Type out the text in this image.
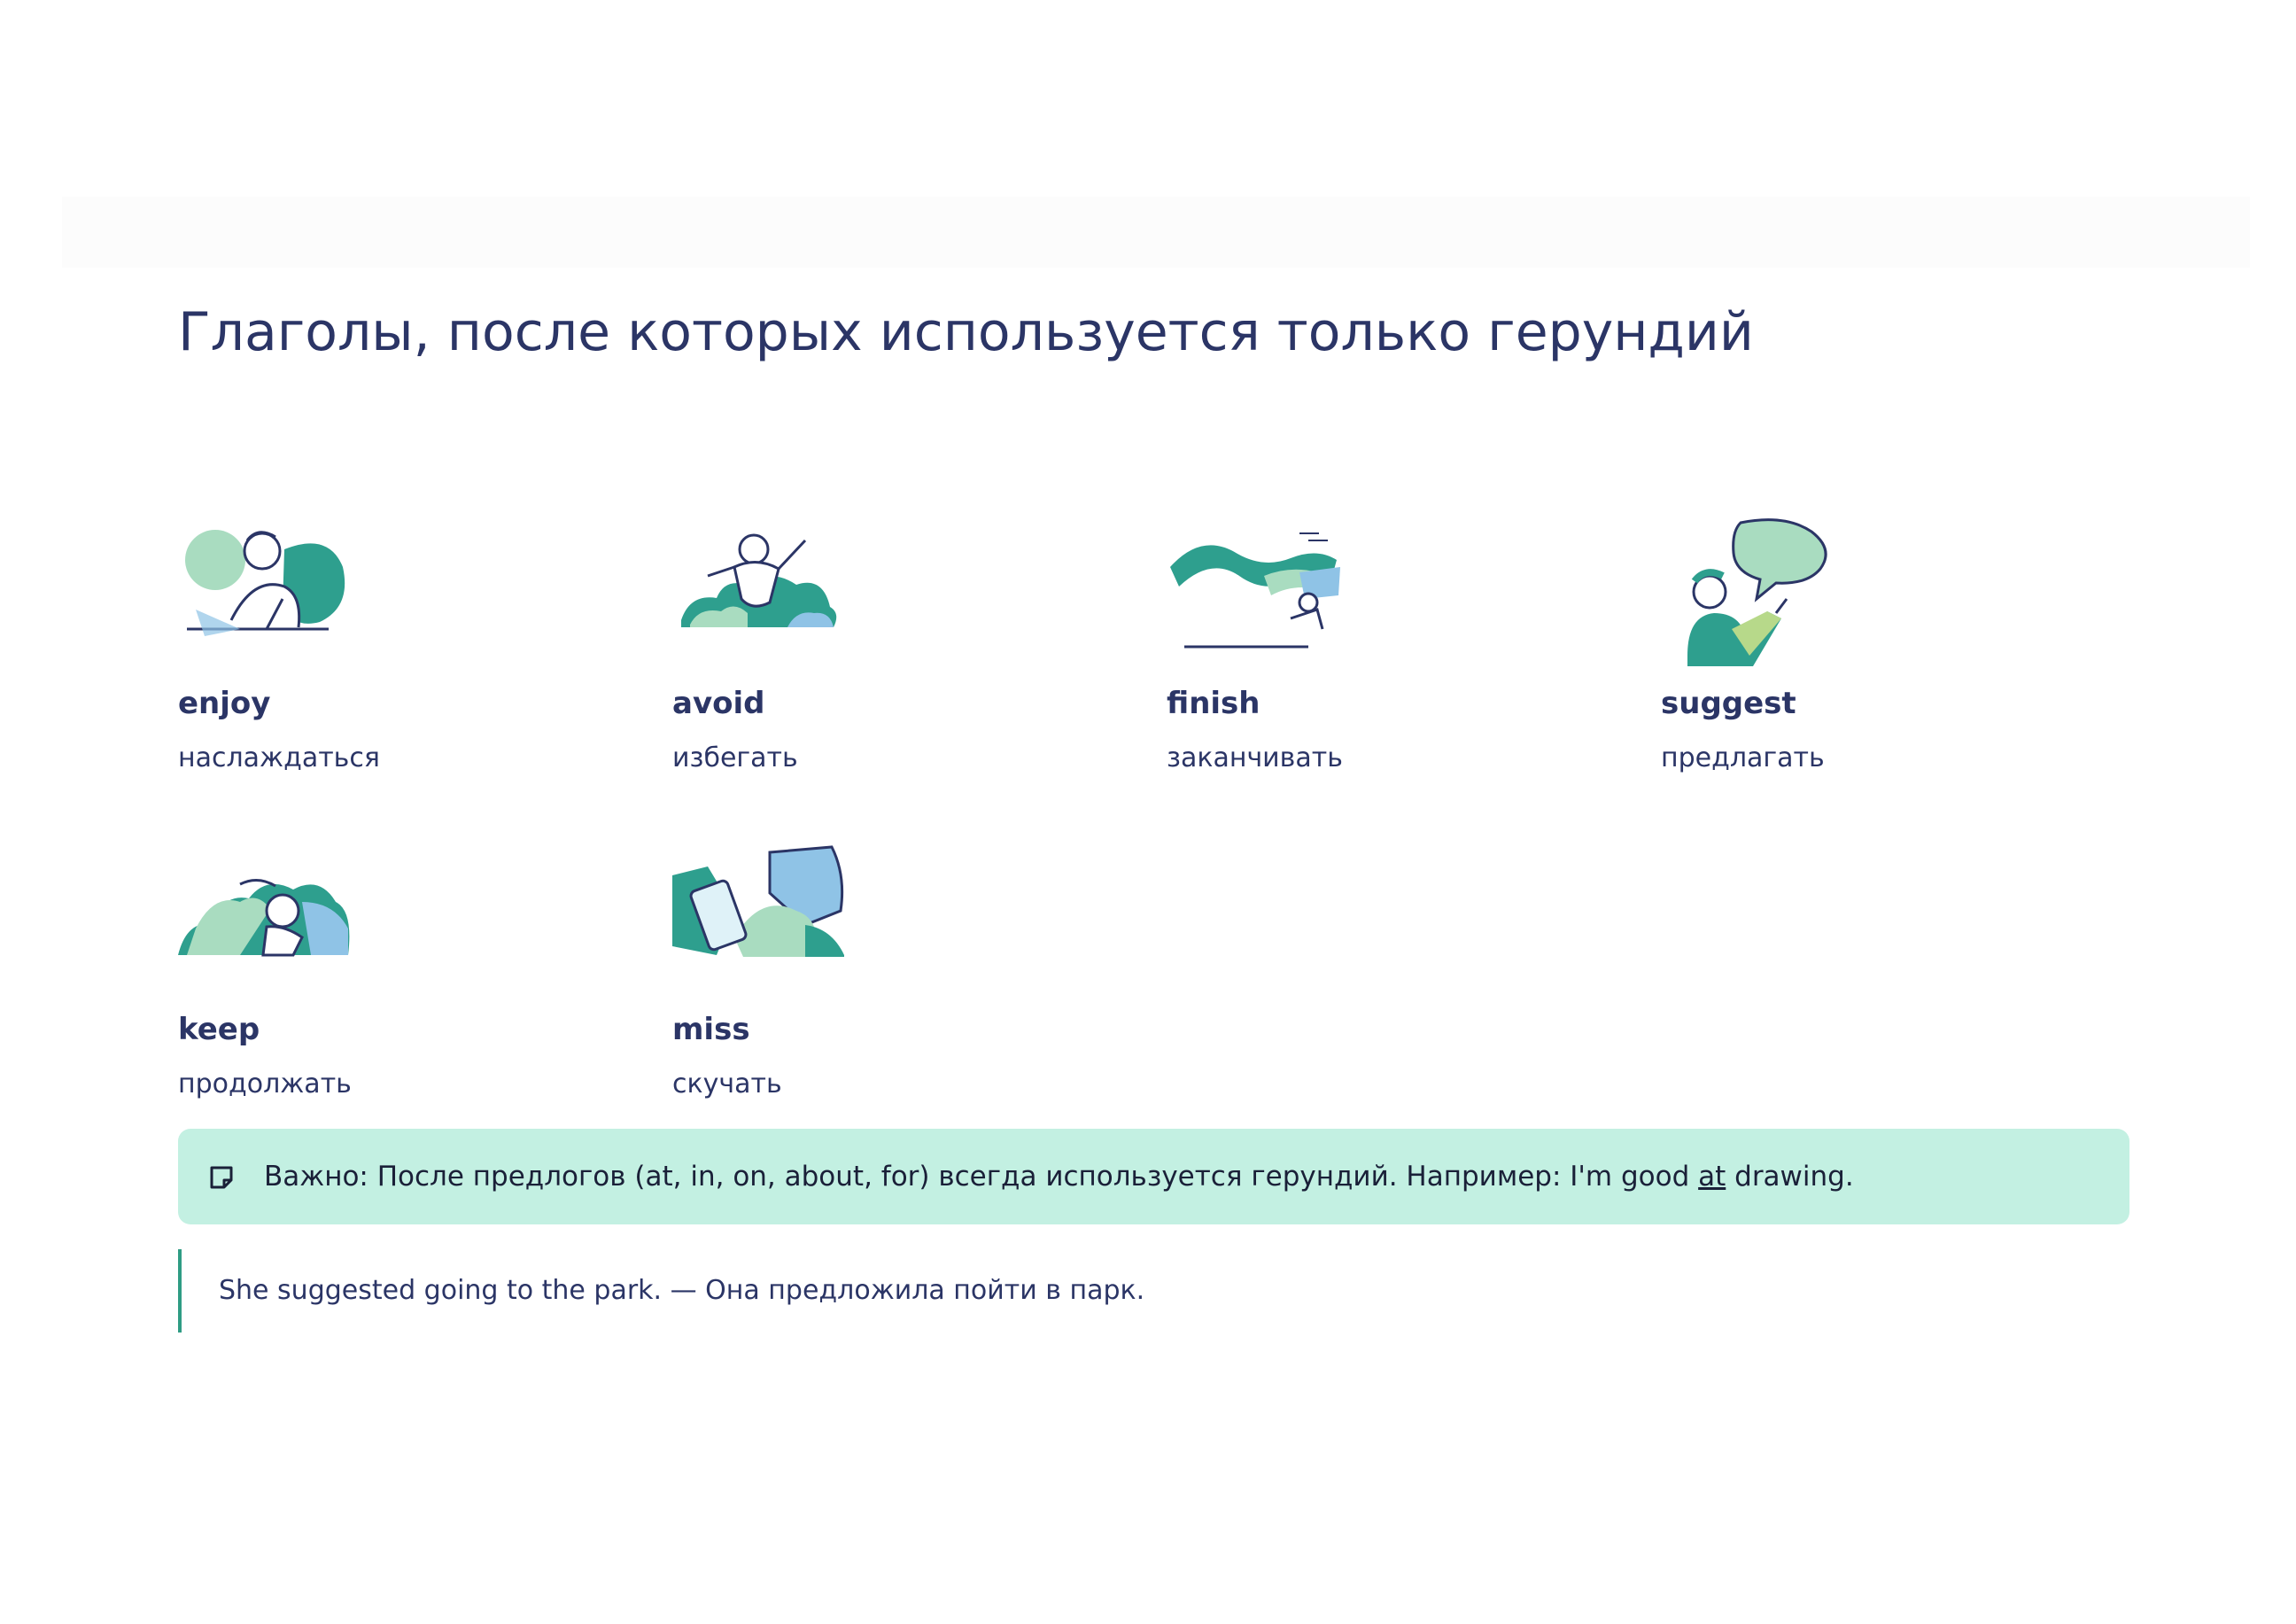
Глаголы, после которых используется только герундий
enjoy
наслаждаться
avoid
избегать
finish
заканчивать
suggest
предлагать
keep
продолжать
miss
скучать
Важно: После предлогов (at, in, on, about, for) всегда используется герундий. Например: I'm good at drawing.
She suggested going to the park. — Она предложила пойти в парк.
